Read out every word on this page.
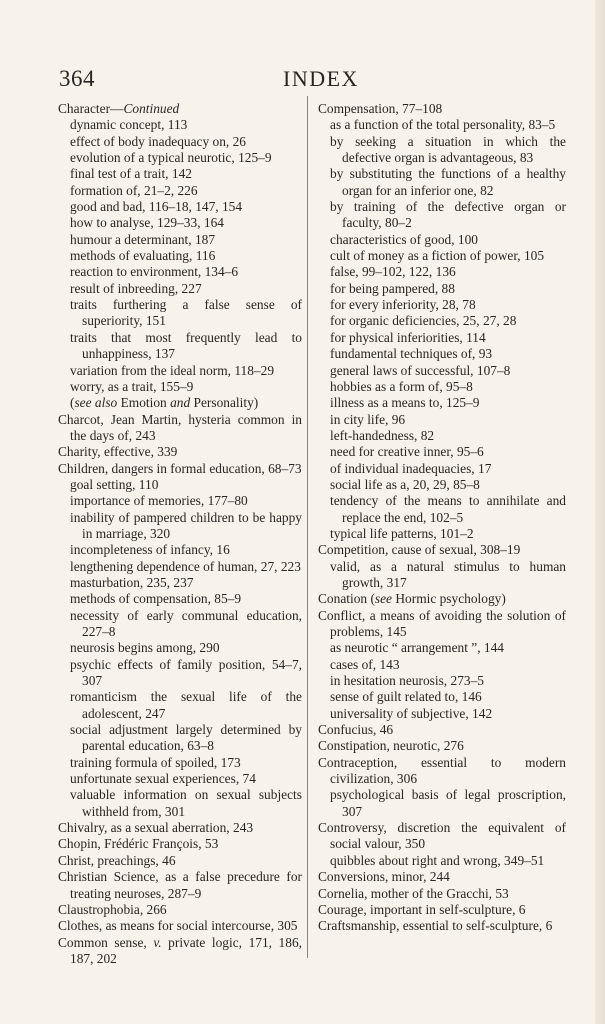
364	INDEX
Character—Continued
dynamic concept, 113
effect of body inadequacy on, 26
evolution of a typical neurotic, 125–9
final test of a trait, 142
formation of, 21–2, 226
good and bad, 116–18, 147, 154
how to analyse, 129–33, 164
humour a determinant, 187
methods of evaluating, 116
reaction to environment, 134–6
result of inbreeding, 227
traits furthering a false sense of superiority, 151
traits that most frequently lead to unhappiness, 137
variation from the ideal norm, 118–29
worry, as a trait, 155–9
(see also Emotion and Personality)
Charcot, Jean Martin, hysteria common in the days of, 243
Charity, effective, 339
Children, dangers in formal education, 68–73
goal setting, 110
importance of memories, 177–80
inability of pampered children to be happy in marriage, 320
incompleteness of infancy, 16
lengthening dependence of human, 27, 223
masturbation, 235, 237
methods of compensation, 85–9
necessity of early communal education, 227–8
neurosis begins among, 290
psychic effects of family position, 54–7, 307
romanticism the sexual life of the adolescent, 247
social adjustment largely determined by parental education, 63–8
training formula of spoiled, 173
unfortunate sexual experiences, 74
valuable information on sexual subjects withheld from, 301
Chivalry, as a sexual aberration, 243
Chopin, Frédéric François, 53
Christ, preachings, 46
Christian Science, as a false precedure for treating neuroses, 287–9
Claustrophobia, 266
Clothes, as means for social intercourse, 305
Common sense, v. private logic, 171, 186, 187, 202
Compensation, 77–108
as a function of the total personality, 83–5
by seeking a situation in which the defective organ is advantageous, 83
by substituting the functions of a healthy organ for an inferior one, 82
by training of the defective organ or faculty, 80–2
characteristics of good, 100
cult of money as a fiction of power, 105
false, 99–102, 122, 136
for being pampered, 88
for every inferiority, 28, 78
for organic deficiencies, 25, 27, 28
for physical inferiorities, 114
fundamental techniques of, 93
general laws of successful, 107–8
hobbies as a form of, 95–8
illness as a means to, 125–9
in city life, 96
left-handedness, 82
need for creative inner, 95–6
of individual inadequacies, 17
social life as a, 20, 29, 85–8
tendency of the means to annihilate and replace the end, 102–5
typical life patterns, 101–2
Competition, cause of sexual, 308–19
valid, as a natural stimulus to human growth, 317
Conation (see Hormic psychology)
Conflict, a means of avoiding the solution of problems, 145
as neurotic “ arrangement ”, 144
cases of, 143
in hesitation neurosis, 273–5
sense of guilt related to, 146
universality of subjective, 142
Confucius, 46
Constipation, neurotic, 276
Contraception, essential to modern civilization, 306
psychological basis of legal proscription, 307
Controversy, discretion the equivalent of social valour, 350
quibbles about right and wrong, 349–51
Conversions, minor, 244
Cornelia, mother of the Gracchi, 53
Courage, important in self-sculpture, 6
Craftsmanship, essential to self-sculpture, 6
